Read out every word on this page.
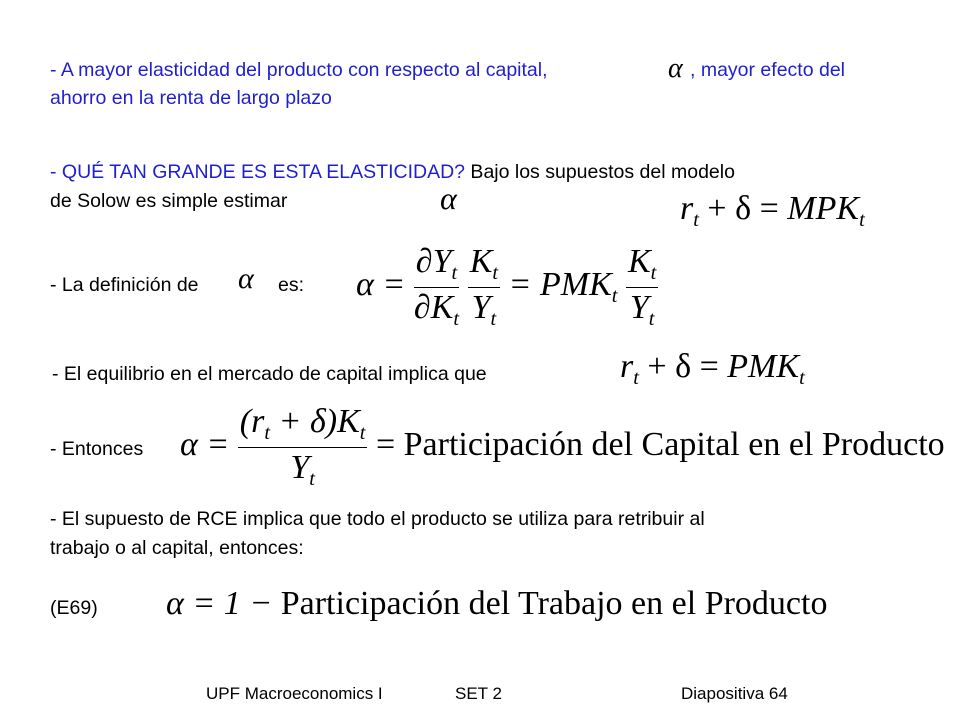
- A mayor elasticidad del producto con respecto al capital,	α , mayor efecto del
ahorro en la renta de largo plazo
- QUÉ TAN GRANDE ES ESTA ELASTICIDAD? Bajo los supuestos del modelo
de Solow es simple estimar	α	$r_t + \delta = MPK_t$
- La definición de α es: $\alpha = \frac{\partial Y_t}{\partial K_t}$
$\frac{K_t}{Y_t} = PMK_t \frac{K_t}{Y_t}$
- El equilibrio en el mercado de capital implica que	$r_t + \delta = PMK_t$
- Entonces $\alpha = \frac{(r_t + \delta)K_t}{Y_t}$ = Participación del Capital en el Producto
- El supuesto de RCE implica que todo el producto se utiliza para retribuir al
trabajo o al capital, entonces:
(E69) α = 1 − Participación del Trabajo en el Producto
UPF Macroeconomics I	SET 2	Diapositiva 64
